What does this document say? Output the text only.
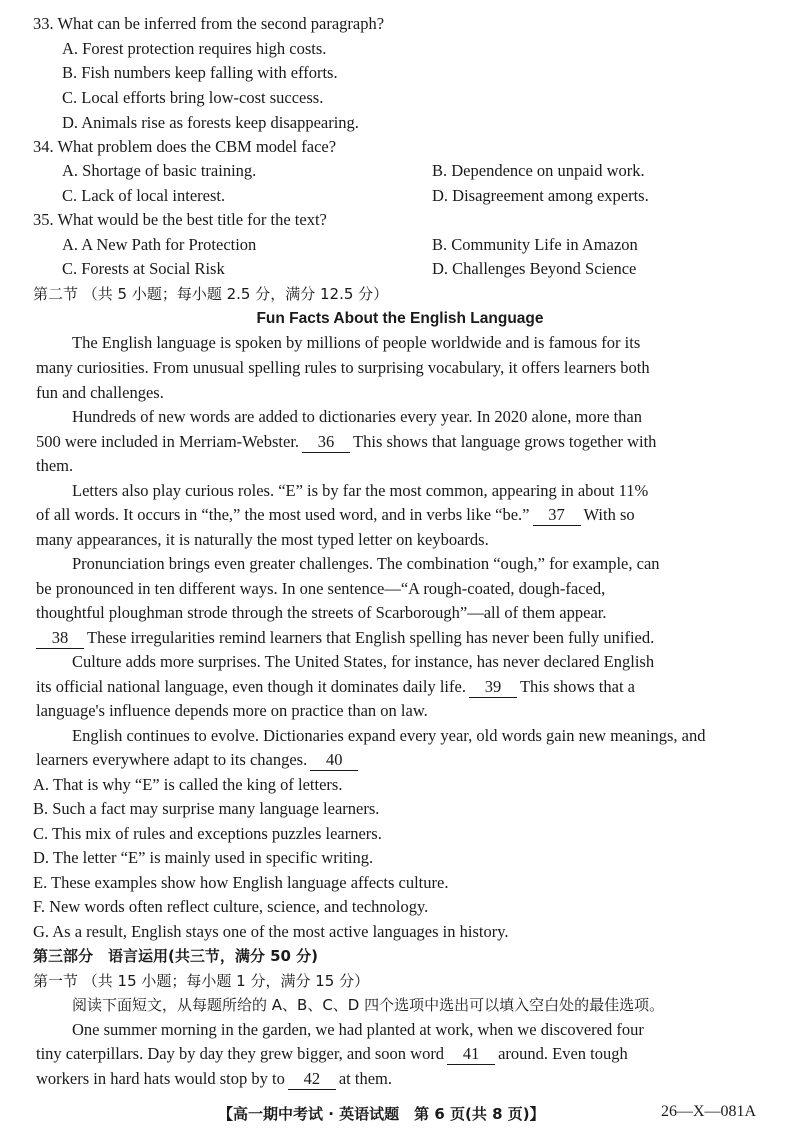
33. What can be inferred from the second paragraph?
A. Forest protection requires high costs.
B. Fish numbers keep falling with efforts.
C. Local efforts bring low-cost success.
D. Animals rise as forests keep disappearing.
34. What problem does the CBM model face?
A. Shortage of basic training.	B. Dependence on unpaid work.
C. Lack of local interest.	D. Disagreement among experts.
35. What would be the best title for the text?
A. A New Path for Protection	B. Community Life in Amazon
C. Forests at Social Risk	D. Challenges Beyond Science
第二节 （共 5 小题；每小题 2.5 分，满分 12.5 分）
Fun Facts About the English Language
The English language is spoken by millions of people worldwide and is famous for its
many curiosities. From unusual spelling rules to surprising vocabulary, it offers learners both
fun and challenges.
Hundreds of new words are added to dictionaries every year. In 2020 alone, more than
500 were included in Merriam-Webster. 36 This shows that language grows together with
them.
Letters also play curious roles. “E” is by far the most common, appearing in about 11%
of all words. It occurs in “the,” the most used word, and in verbs like “be.” 37 With so
many appearances, it is naturally the most typed letter on keyboards.
Pronunciation brings even greater challenges. The combination “ough,” for example, can
be pronounced in ten different ways. In one sentence—“A rough-coated, dough-faced,
thoughtful ploughman strode through the streets of Scarborough”—all of them appear.
38 These irregularities remind learners that English spelling has never been fully unified.
Culture adds more surprises. The United States, for instance, has never declared English
its official national language, even though it dominates daily life. 39 This shows that a
language's influence depends more on practice than on law.
English continues to evolve. Dictionaries expand every year, old words gain new meanings, and
learners everywhere adapt to its changes. 40
A. That is why “E” is called the king of letters.
B. Such a fact may surprise many language learners.
C. This mix of rules and exceptions puzzles learners.
D. The letter “E” is mainly used in specific writing.
E. These examples show how English language affects culture.
F. New words often reflect culture, science, and technology.
G. As a result, English stays one of the most active languages in history.
第三部分　语言运用(共三节，满分 50 分)
第一节 （共 15 小题；每小题 1 分，满分 15 分）
阅读下面短文，从每题所给的 A、B、C、D 四个选项中选出可以填入空白处的最佳选项。
One summer morning in the garden, we had planted at work, when we discovered four
tiny caterpillars. Day by day they grew bigger, and soon word 41 around. Even tough
workers in hard hats would stop by to 42 at them.
【高一期中考试 · 英语试题　第 6 页(共 8 页)】	26—X—081A
